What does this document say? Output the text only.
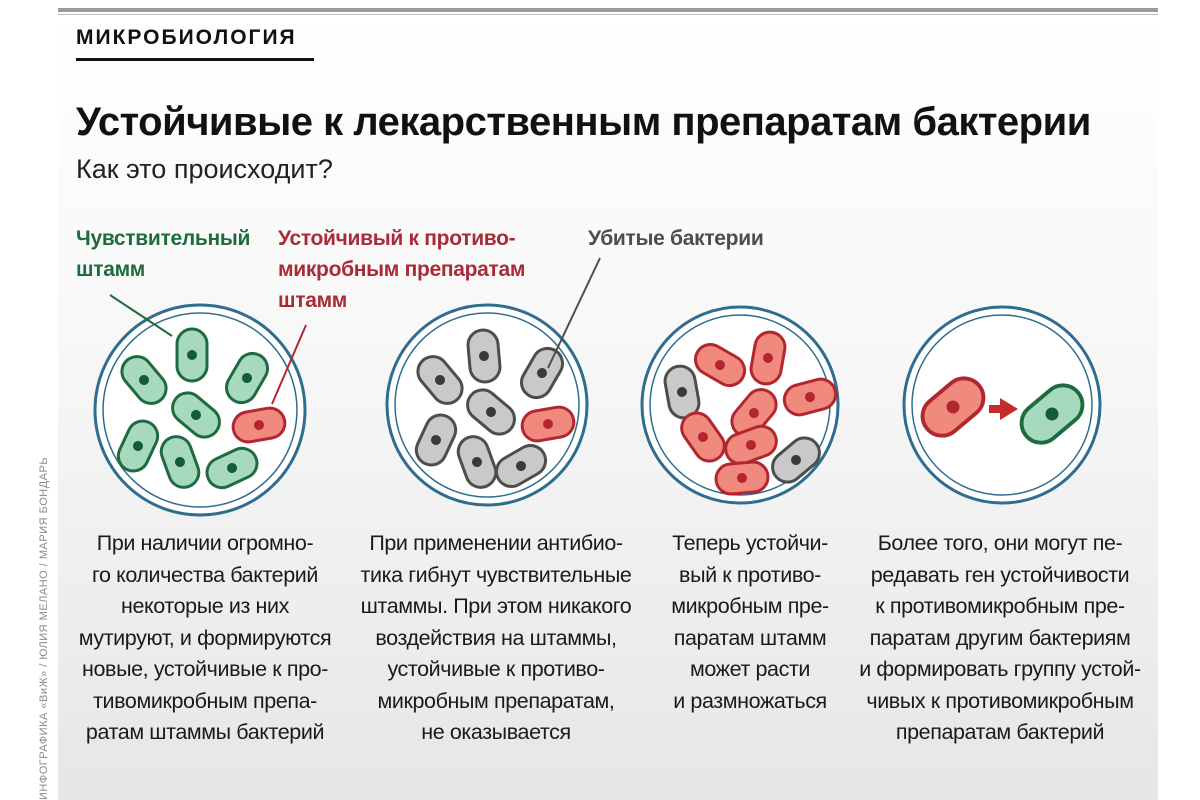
МИКРОБИОЛОГИЯ
Устойчивые к лекарственным препаратам бактерии
Как это происходит?
Чувствительный
штамм
Устойчивый к противо-
микробным препаратам
штамм
Убитые бактерии
При наличии огромно-
го количества бактерий
некоторые из них
мутируют, и формируются
новые, устойчивые к про-
тивомикробным препа-
ратам штаммы бактерий
При применении антибио-
тика гибнут чувствительные
штаммы. При этом никакого
воздействия на штаммы,
устойчивые к противо-
микробным препаратам,
не оказывается
Теперь устойчи-
вый к противо-
микробным пре-
паратам штамм
может расти
и размножаться
Более того, они могут пе-
редавать ген устойчивости
к противомикробным пре-
паратам другим бактериям
и формировать группу устой-
чивых к противомикробным
препаратам бактерий
ИНФОГРАФИКА «ВиЖ» / ЮЛИЯ МЕЛАНО / МАРИЯ БОНДАРЬ
